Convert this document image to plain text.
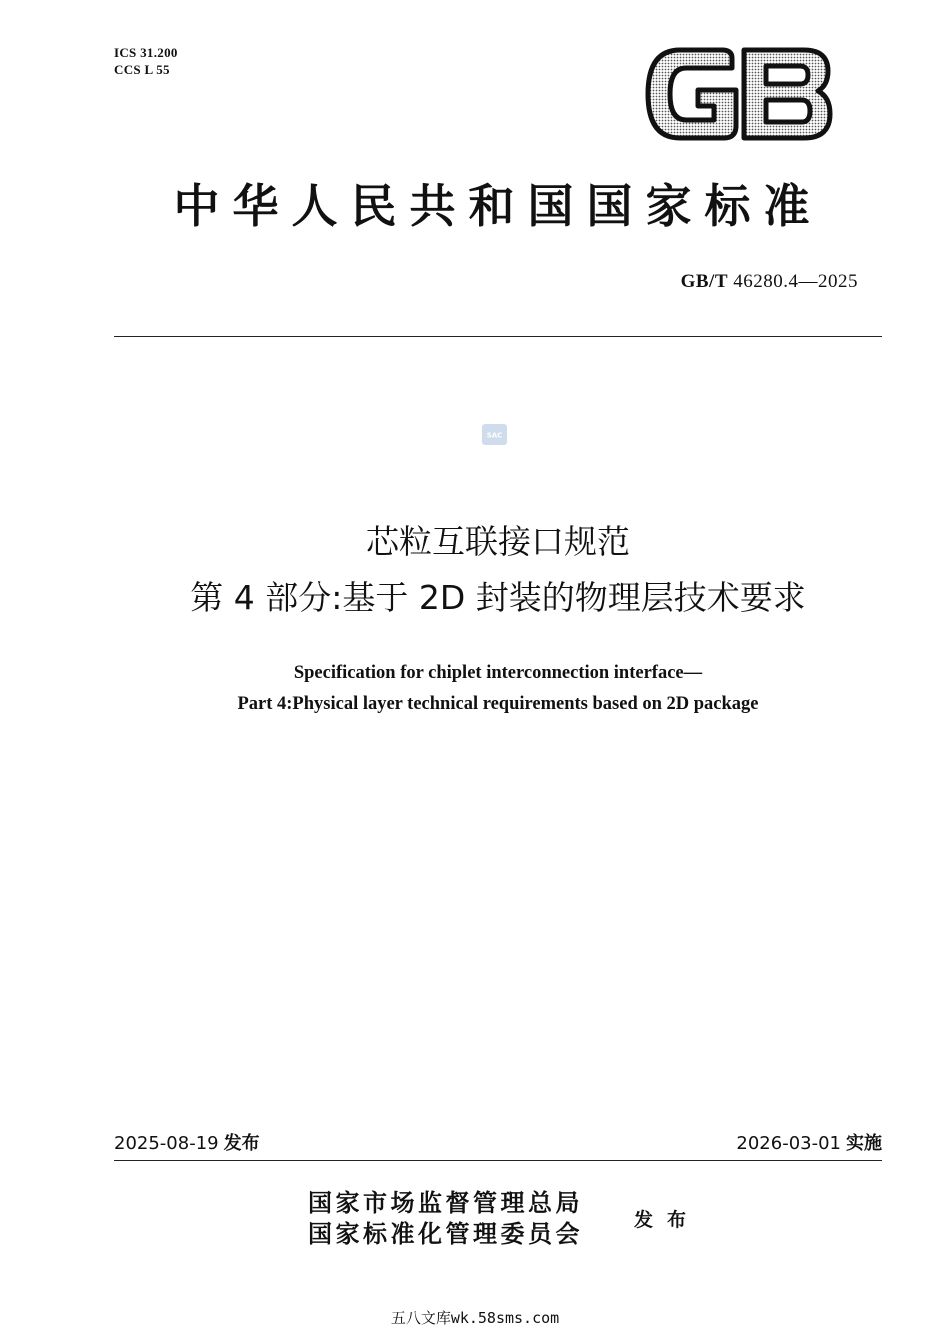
ICS 31.200
CCS L 55
中华人民共和国国家标准
GB/T 46280.4—2025
SAC
芯粒互联接口规范
第 4 部分:基于 2D 封装的物理层技术要求
Specification for chiplet interconnection interface—
Part 4:Physical layer technical requirements based on 2D package
2025-08-19 发布	2026-03-01 实施
国家市场监督管理总局
国家标准化管理委员会	发布
五八文库wk.58sms.com
